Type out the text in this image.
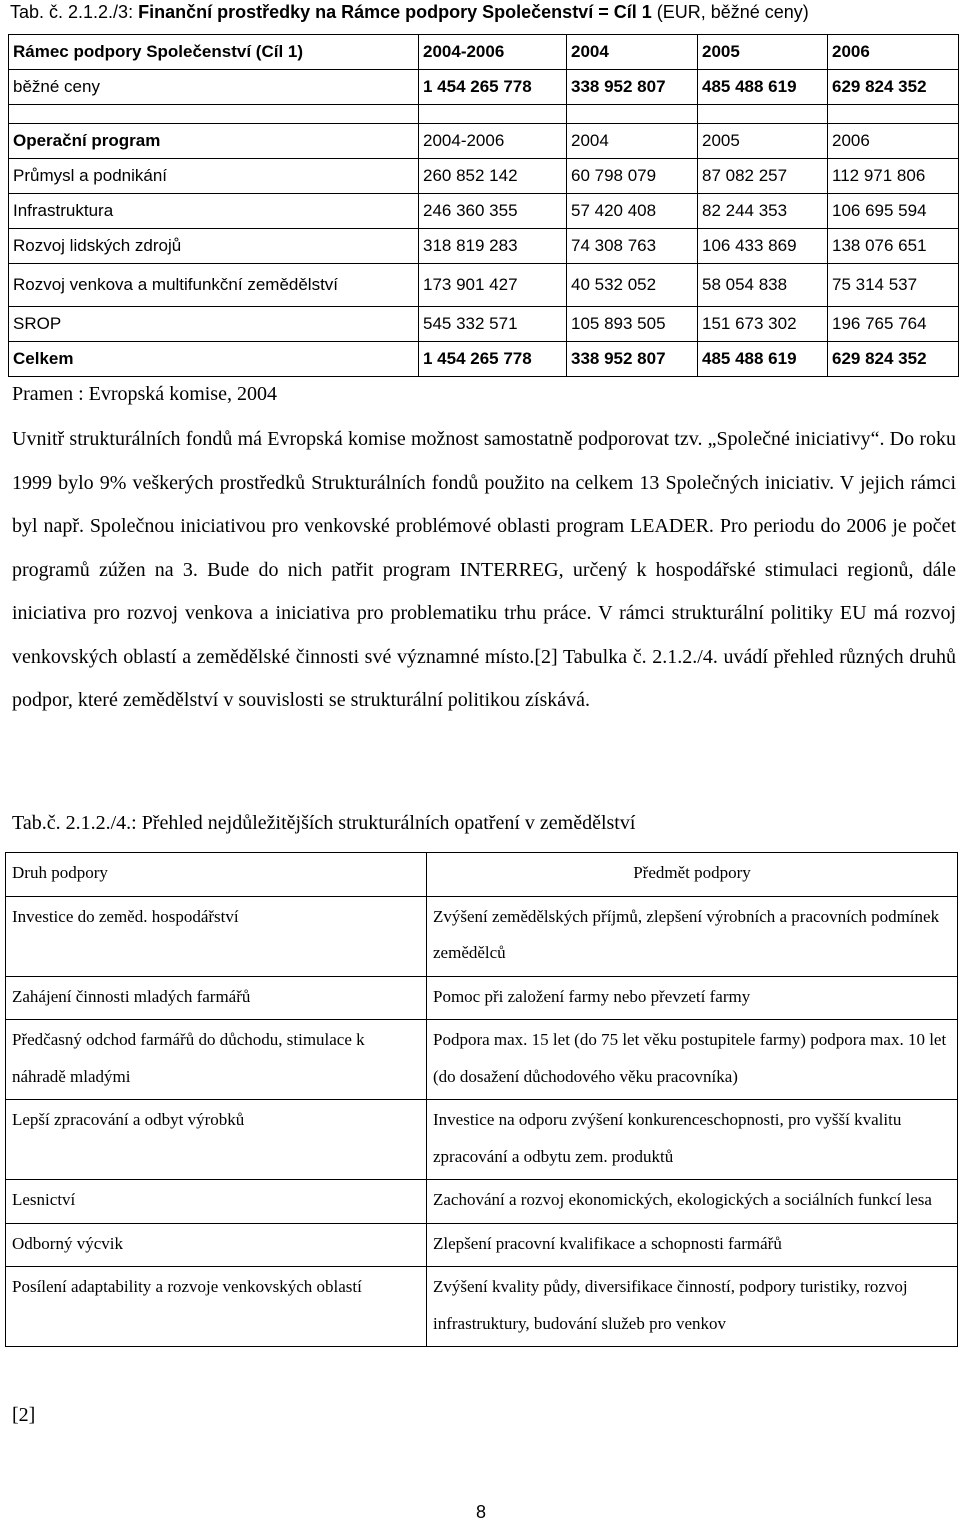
Tab. č. 2.1.2./3: Finanční prostředky na Rámce podpory Společenství = Cíl 1 (EUR, běžné ceny)
Rámec podpory Společenství (Cíl 1)	2004-2006	2004	2005	2006
běžné ceny	1 454 265 778	338 952 807	485 488 619	629 824 352

Operační program	2004-2006	2004	2005	2006
Průmysl a podnikání	260 852 142	60 798 079	87 082 257	112 971 806
Infrastruktura	246 360 355	57 420 408	82 244 353	106 695 594
Rozvoj lidských zdrojů	318 819 283	74 308 763	106 433 869	138 076 651
Rozvoj venkova a multifunkční zemědělství	173 901 427	40 532 052	58 054 838	75 314 537
SROP	545 332 571	105 893 505	151 673 302	196 765 764
Celkem	1 454 265 778	338 952 807	485 488 619	629 824 352
Pramen : Evropská komise, 2004
Uvnitř strukturálních fondů má Evropská komise možnost samostatně podporovat tzv. „Společné iniciativy“. Do roku 1999 bylo 9% veškerých prostředků Strukturálních fondů použito na celkem 13 Společných iniciativ. V jejich rámci byl např. Společnou iniciativou pro venkovské problémové oblasti program LEADER. Pro periodu do 2006 je počet programů zúžen na 3. Bude do nich patřit program INTERREG, určený k hospodářské stimulaci regionů, dále iniciativa pro rozvoj venkova a iniciativa pro problematiku trhu práce. V rámci strukturální politiky EU má rozvoj venkovských oblastí a zemědělské činnosti své významné místo.[2] Tabulka č. 2.1.2./4. uvádí přehled různých druhů podpor, které zemědělství v souvislosti se strukturální politikou získává.
Tab.č. 2.1.2./4.: Přehled nejdůležitějších strukturálních opatření v zemědělství
Druh podpory	Předmět podpory
Investice do zeměd. hospodářství	Zvýšení zemědělských příjmů, zlepšení výrobních a pracovních podmínek zemědělců
Zahájení činnosti mladých farmářů	Pomoc při založení farmy nebo převzetí farmy
Předčasný odchod farmářů do důchodu, stimulace k náhradě mladými	Podpora max. 15 let (do 75 let věku postupitele farmy) podpora max. 10 let (do dosažení důchodového věku pracovníka)
Lepší zpracování a odbyt výrobků	Investice na odporu zvýšení konkurenceschopnosti, pro vyšší kvalitu zpracování a odbytu zem. produktů
Lesnictví	Zachování a rozvoj ekonomických, ekologických a sociálních funkcí lesa
Odborný výcvik	Zlepšení pracovní kvalifikace a schopnosti farmářů
Posílení adaptability a rozvoje venkovských oblastí	Zvýšení kvality půdy, diversifikace činností, podpory turistiky, rozvoj infrastruktury, budování služeb pro venkov
[2]
8
